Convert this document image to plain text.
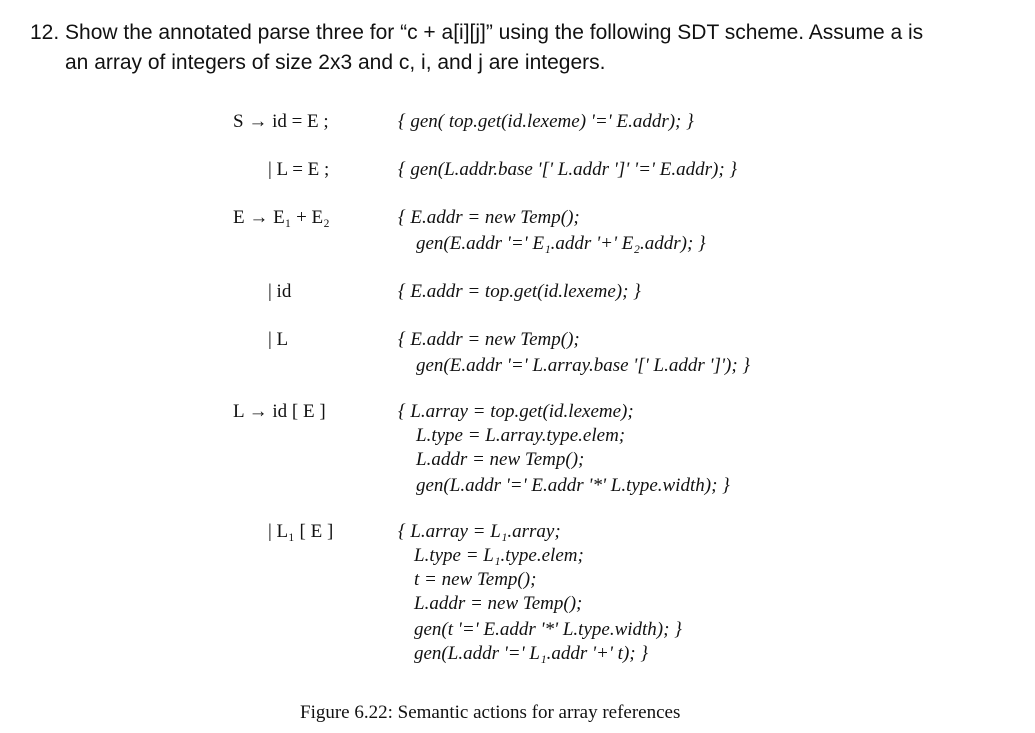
12. Show the annotated parse three for “c + a[i][j]” using the following SDT scheme. Assume a is
an array of integers of size 2x3 and c, i, and j are integers.
S → id = E ;	{ gen( top.get(id.lexeme) '=' E.addr); }
| L = E ;	{ gen(L.addr.base '[' L.addr ']' '=' E.addr); }
E → E₁ + E₂	{ E.addr = new Temp();
gen(E.addr '=' E₁.addr '+' E₂.addr); }
| id	{ E.addr = top.get(id.lexeme); }
| L	{ E.addr = new Temp();
gen(E.addr '=' L.array.base '[' L.addr ']'); }
L → id [ E ]	{ L.array = top.get(id.lexeme);
L.type = L.array.type.elem;
L.addr = new Temp();
gen(L.addr '=' E.addr '*' L.type.width); }
| L₁ [ E ]	{ L.array = L₁.array;
L.type = L₁.type.elem;
t = new Temp();
L.addr = new Temp();
gen(t '=' E.addr '*' L.type.width); }
gen(L.addr '=' L₁.addr '+' t); }
Figure 6.22: Semantic actions for array references
